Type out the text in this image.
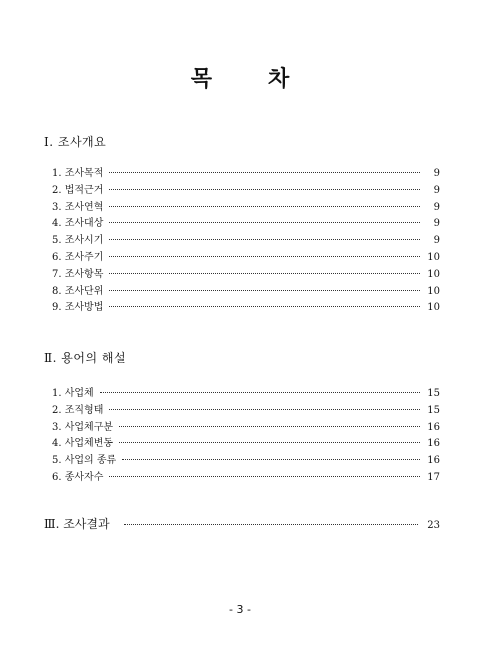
목	차
Ⅰ. 조사개요
1. 조사목적	9
2. 법적근거	9
3. 조사연혁	9
4. 조사대상	9
5. 조사시기	9
6. 조사주기	10
7. 조사항목	10
8. 조사단위	10
9. 조사방법	10
Ⅱ. 용어의 해설
1. 사업체	15
2. 조직형태	15
3. 사업체구분	16
4. 사업체변동	16
5. 사업의 종류	16
6. 종사자수	17
Ⅲ. 조사결과	23
- 3 -
